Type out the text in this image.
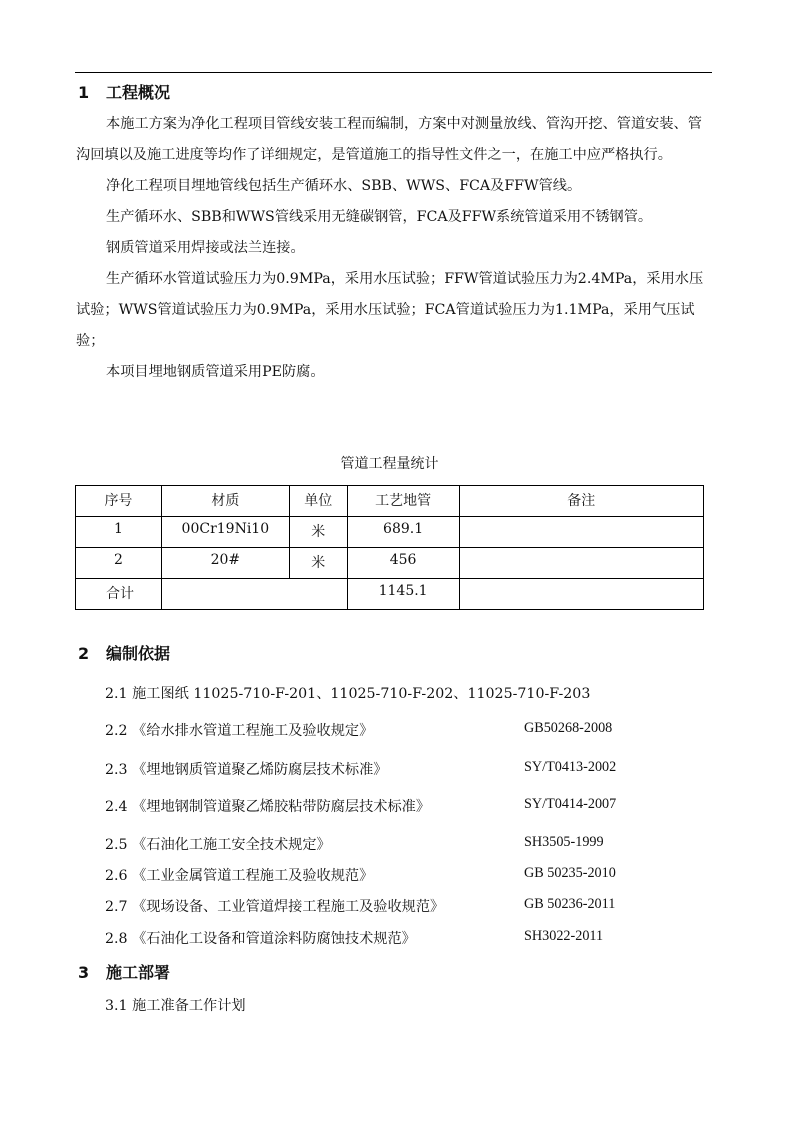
1 工程概况

本施工方案为净化工程项目管线安装工程而编制，方案中对测量放线、管沟开挖、管道安装、管沟回填以及施工进度等均作了详细规定，是管道施工的指导性文件之一，在施工中应严格执行。

净化工程项目埋地管线包括生产循环水、SBB、WWS、FCA及FFW管线。

生产循环水、SBB和WWS管线采用无缝碳钢管，FCA及FFW系统管道采用不锈钢管。

钢质管道采用焊接或法兰连接。

生产循环水管道试验压力为0.9MPa，采用水压试验；FFW管道试验压力为2.4MPa，采用水压试验；WWS管道试验压力为0.9MPa，采用水压试验；FCA管道试验压力为1.1MPa，采用气压试验；

本项目埋地钢质管道采用PE防腐。

管道工程量统计
序号	材质	单位	工艺地管	备注
1	00Cr19Ni10	米	689.1	
2	20#	米	456	
合计			1145.1	
2 编制依据
2.1 施工图纸 11025-710-F-201、11025-710-F-202、11025-710-F-203
2.2 《给水排水管道工程施工及验收规定》	GB50268-2008
2.3 《埋地钢质管道聚乙烯防腐层技术标准》	SY/T0413-2002
2.4 《埋地钢制管道聚乙烯胶粘带防腐层技术标准》	SY/T0414-2007
2.5 《石油化工施工安全技术规定》	SH3505-1999
2.6 《工业金属管道工程施工及验收规范》	GB 50235-2010
2.7 《现场设备、工业管道焊接工程施工及验收规范》	GB 50236-2011
2.8 《石油化工设备和管道涂料防腐蚀技术规范》	SH3022-2011
3 施工部署
3.1 施工准备工作计划
